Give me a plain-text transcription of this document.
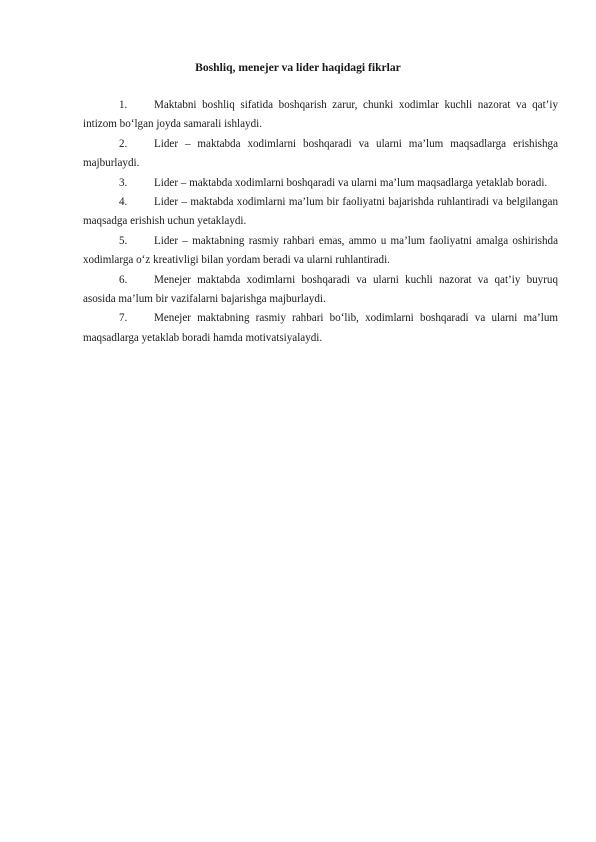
Boshliq, menejer va lider haqidagi fikrlar

1. Maktabni boshliq sifatida boshqarish zarur, chunki xodimlar kuchli nazorat va qat’iy intizom bo‘lgan joyda samarali ishlaydi.

2. Lider – maktabda xodimlarni boshqaradi va ularni ma’lum maqsadlarga erishishga majburlaydi.

3. Lider – maktabda xodimlarni boshqaradi va ularni ma’lum maqsadlarga yetaklab boradi.

4. Lider – maktabda xodimlarni ma’lum bir faoliyatni bajarishda ruhlantiradi va belgilangan maqsadga erishish uchun yetaklaydi.

5. Lider – maktabning rasmiy rahbari emas, ammo u ma’lum faoliyatni amalga oshirishda xodimlarga o‘z kreativligi bilan yordam beradi va ularni ruhlantiradi.

6. Menejer maktabda xodimlarni boshqaradi va ularni kuchli nazorat va qat’iy buyruq asosida ma’lum bir vazifalarni bajarishga majburlaydi.

7. Menejer maktabning rasmiy rahbari bo‘lib, xodimlarni boshqaradi va ularni ma’lum maqsadlarga yetaklab boradi hamda motivatsiyalaydi.
